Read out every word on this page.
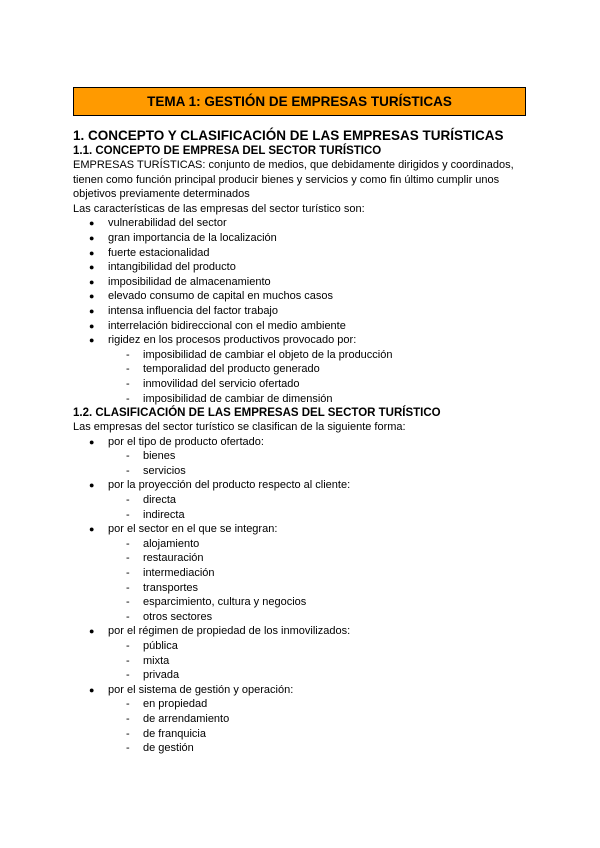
TEMA 1: GESTIÓN DE EMPRESAS TURÍSTICAS
1. CONCEPTO Y CLASIFICACIÓN DE LAS EMPRESAS TURÍSTICAS
1.1. CONCEPTO DE EMPRESA DEL SECTOR TURÍSTICO
EMPRESAS TURÍSTICAS: conjunto de medios, que debidamente dirigidos y coordinados,
tienen como función principal producir bienes y servicios y como fin último cumplir unos
objetivos previamente determinados
Las características de las empresas del sector turístico son:
● vulnerabilidad del sector
● gran importancia de la localización
● fuerte estacionalidad
● intangibilidad del producto
● imposibilidad de almacenamiento
● elevado consumo de capital en muchos casos
● intensa influencia del factor trabajo
● interrelación bidireccional con el medio ambiente
● rigidez en los procesos productivos provocado por:
- imposibilidad de cambiar el objeto de la producción
- temporalidad del producto generado
- inmovilidad del servicio ofertado
- imposibilidad de cambiar de dimensión
1.2. CLASIFICACIÓN DE LAS EMPRESAS DEL SECTOR TURÍSTICO
Las empresas del sector turístico se clasifican de la siguiente forma:
● por el tipo de producto ofertado:
- bienes
- servicios
● por la proyección del producto respecto al cliente:
- directa
- indirecta
● por el sector en el que se integran:
- alojamiento
- restauración
- intermediación
- transportes
- esparcimiento, cultura y negocios
- otros sectores
● por el régimen de propiedad de los inmovilizados:
- pública
- mixta
- privada
● por el sistema de gestión y operación:
- en propiedad
- de arrendamiento
- de franquicia
- de gestión
